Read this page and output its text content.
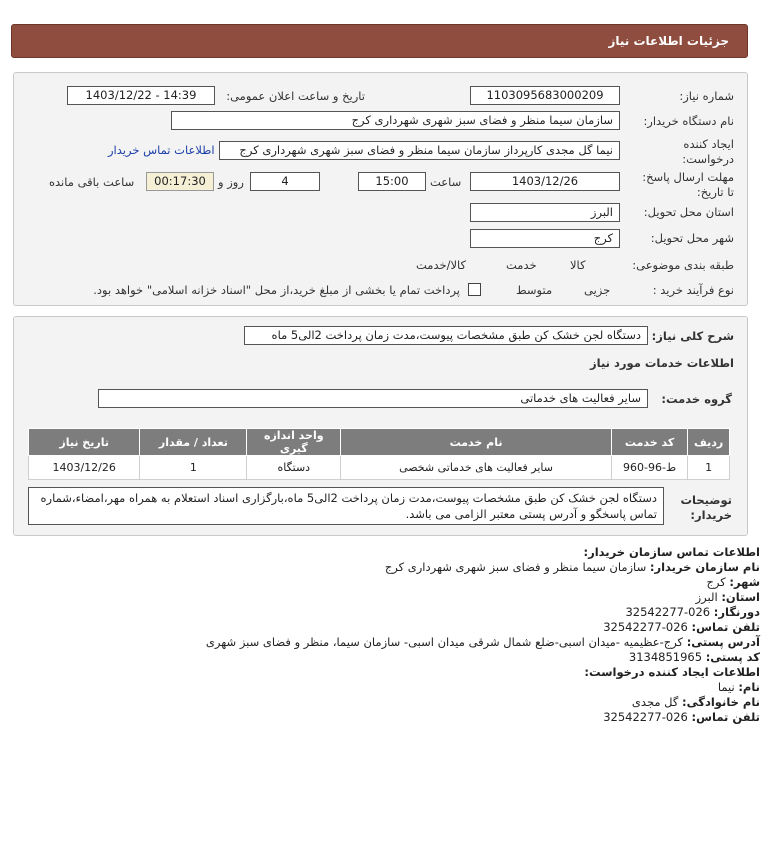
جزئیات اطلاعات نیاز
شماره نیاز:
1103095683000209
تاریخ و ساعت اعلان عمومی:
1403/12/22 - 14:39
نام دستگاه خریدار:
سازمان سیما منظر و فضای سبز شهری شهرداری کرج
ایجاد کننده
درخواست:
نیما گل مجدی کارپرداز سازمان سیما منظر و فضای سبز شهری شهرداری کرج
اطلاعات تماس خریدار
مهلت ارسال پاسخ:
تا تاریخ:
1403/12/26
ساعت
15:00
4
روز و
00:17:30
ساعت باقی مانده
استان محل تحویل:
البرز
شهر محل تحویل:
کرج
طبقه بندی موضوعی:

کالا

خدمت

کالا/خدمت
نوع فرآیند خرید :

جزیی
متوسط
پرداخت تمام یا بخشی از مبلغ خرید،از محل "اسناد خزانه اسلامی" خواهد بود.
شرح کلی نیاز:
دستگاه لجن خشک کن طبق مشخصات پیوست،مدت زمان پرداخت 2الی5 ماه
اطلاعات خدمات مورد نیاز
گروه خدمت:
سایر فعالیت های خدماتی
ردیف	کد خدمت	نام خدمت	واحد اندازه گیری	تعداد / مقدار	تاریخ نیاز
1	ط-96-960	سایر فعالیت های خدماتی شخصی	دستگاه	1	1403/12/26
توضیحات
خریدار:
دستگاه لجن خشک کن طبق مشخصات پیوست،مدت زمان پرداخت 2الی5 ماه،بارگزاری اسناد استعلام به همراه مهر،امضاء،شماره تماس پاسخگو و آدرس پستی معتبر الزامی می باشد.
اطلاعات تماس سازمان خریدار:
نام سازمان خریدار: سازمان سیما منظر و فضای سبز شهری شهرداری کرج
شهر: کرج
استان: البرز
دورنگار: 026-32542277
تلفن تماس: 026-32542277
آدرس پستی: کرج-عظیمیه -میدان اسبی-ضلع شمال شرقی میدان اسبی- سازمان سیما، منظر و فضای سبز شهری
کد پستی: 3134851965
اطلاعات ایجاد کننده درخواست:
نام: نیما
نام خانوادگی: گل مجدی
تلفن تماس: 026-32542277
